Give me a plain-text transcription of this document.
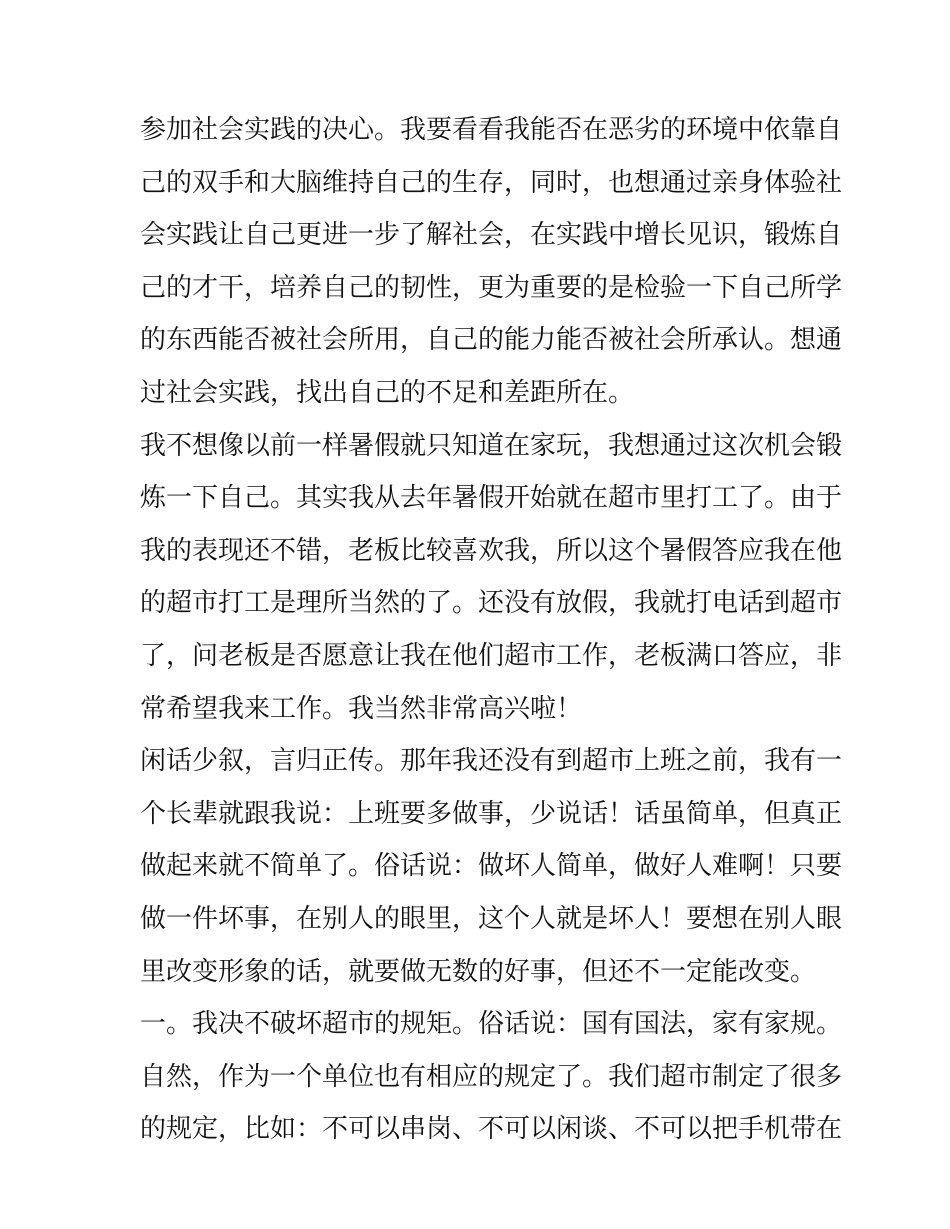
参加社会实践的决心。我要看看我能否在恶劣的环境中依靠自
己的双手和大脑维持自己的生存，同时，也想通过亲身体验社
会实践让自己更进一步了解社会，在实践中增长见识，锻炼自
己的才干，培养自己的韧性，更为重要的是检验一下自己所学
的东西能否被社会所用，自己的能力能否被社会所承认。想通
过社会实践，找出自己的不足和差距所在。
我不想像以前一样暑假就只知道在家玩，我想通过这次机会锻
炼一下自己。其实我从去年暑假开始就在超市里打工了。由于
我的表现还不错，老板比较喜欢我，所以这个暑假答应我在他
的超市打工是理所当然的了。还没有放假，我就打电话到超市
了，问老板是否愿意让我在他们超市工作，老板满口答应，非
常希望我来工作。我当然非常高兴啦！
闲话少叙，言归正传。那年我还没有到超市上班之前，我有一
个长辈就跟我说：上班要多做事，少说话！话虽简单，但真正
做起来就不简单了。俗话说：做坏人简单，做好人难啊！只要
做一件坏事，在别人的眼里，这个人就是坏人！要想在别人眼
里改变形象的话，就要做无数的好事，但还不一定能改变。
一。我决不破坏超市的规矩。俗话说：国有国法，家有家规。
自然，作为一个单位也有相应的规定了。我们超市制定了很多
的规定，比如：不可以串岗、不可以闲谈、不可以把手机带在
